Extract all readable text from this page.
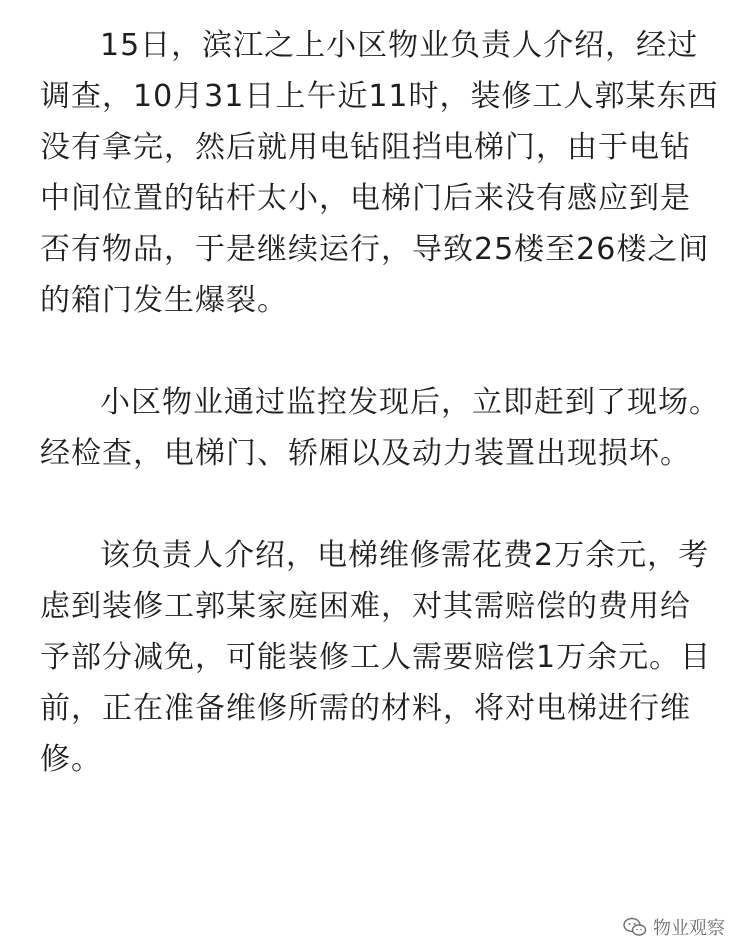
15日，滨江之上小区物业负责人介绍，经过调查，10月31日上午近11时，装修工人郭某东西没有拿完，然后就用电钻阻挡电梯门，由于电钻中间位置的钻杆太小，电梯门后来没有感应到是否有物品，于是继续运行，导致25楼至26楼之间的箱门发生爆裂。

小区物业通过监控发现后，立即赶到了现场。经检查，电梯门、轿厢以及动力装置出现损坏。

该负责人介绍，电梯维修需花费2万余元，考虑到装修工郭某家庭困难，对其需赔偿的费用给予部分减免，可能装修工人需要赔偿1万余元。目前，正在准备维修所需的材料，将对电梯进行维修。

物业观察
